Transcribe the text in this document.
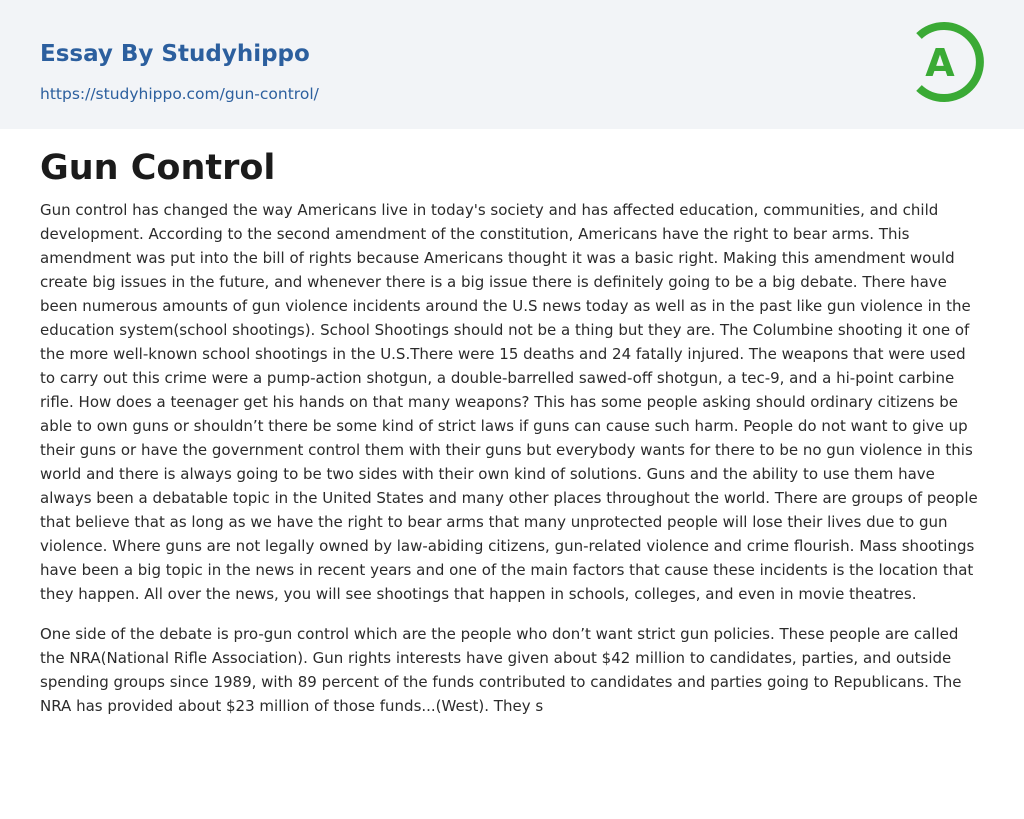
Essay By Studyhippo
https://studyhippo.com/gun-control/
A
Gun Control

Gun control has changed the way Americans live in today's society and has affected education, communities, and child development. According to the second amendment of the constitution, Americans have the right to bear arms. This amendment was put into the bill of rights because Americans thought it was a basic right. Making this amendment would create big issues in the future, and whenever there is a big issue there is definitely going to be a big debate. There have been numerous amounts of gun violence incidents around the U.S news today as well as in the past like gun violence in the education system(school shootings). School Shootings should not be a thing but they are. The Columbine shooting it one of the more well-known school shootings in the U.S.There were 15 deaths and 24 fatally injured. The weapons that were used to carry out this crime were a pump-action shotgun, a double-barrelled sawed-off shotgun, a tec-9, and a hi-point carbine rifle. How does a teenager get his hands on that many weapons? This has some people asking should ordinary citizens be able to own guns or shouldn’t there be some kind of strict laws if guns can cause such harm. People do not want to give up their guns or have the government control them with their guns but everybody wants for there to be no gun violence in this world and there is always going to be two sides with their own kind of solutions. Guns and the ability to use them have always been a debatable topic in the United States and many other places throughout the world. There are groups of people that believe that as long as we have the right to bear arms that many unprotected people will lose their lives due to gun violence. Where guns are not legally owned by law-abiding citizens, gun-related violence and crime flourish. Mass shootings have been a big topic in the news in recent years and one of the main factors that cause these incidents is the location that they happen. All over the news, you will see shootings that happen in schools, colleges, and even in movie theatres.

One side of the debate is pro-gun control which are the people who don’t want strict gun policies. These people are called the NRA(National Rifle Association). Gun rights interests have given about $42 million to candidates, parties, and outside spending groups since 1989, with 89 percent of the funds contributed to candidates and parties going to Republicans. The NRA has provided about $23 million of those funds...(West). They s
